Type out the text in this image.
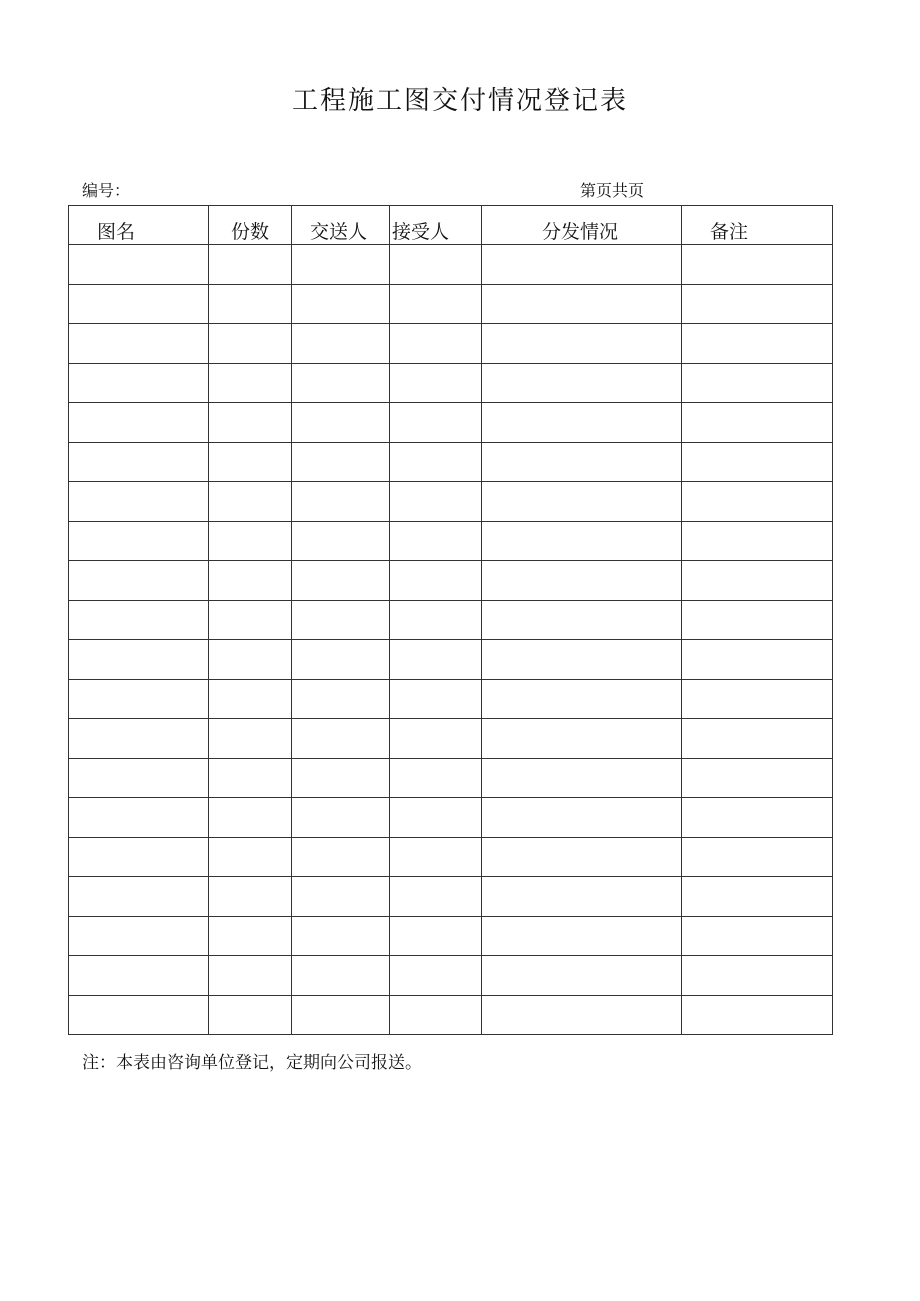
工程施工图交付情况登记表
编号：	第页共页
图名	份数	交送人	接受人	分发情况	备注

注：本表由咨询单位登记，定期向公司报送。
